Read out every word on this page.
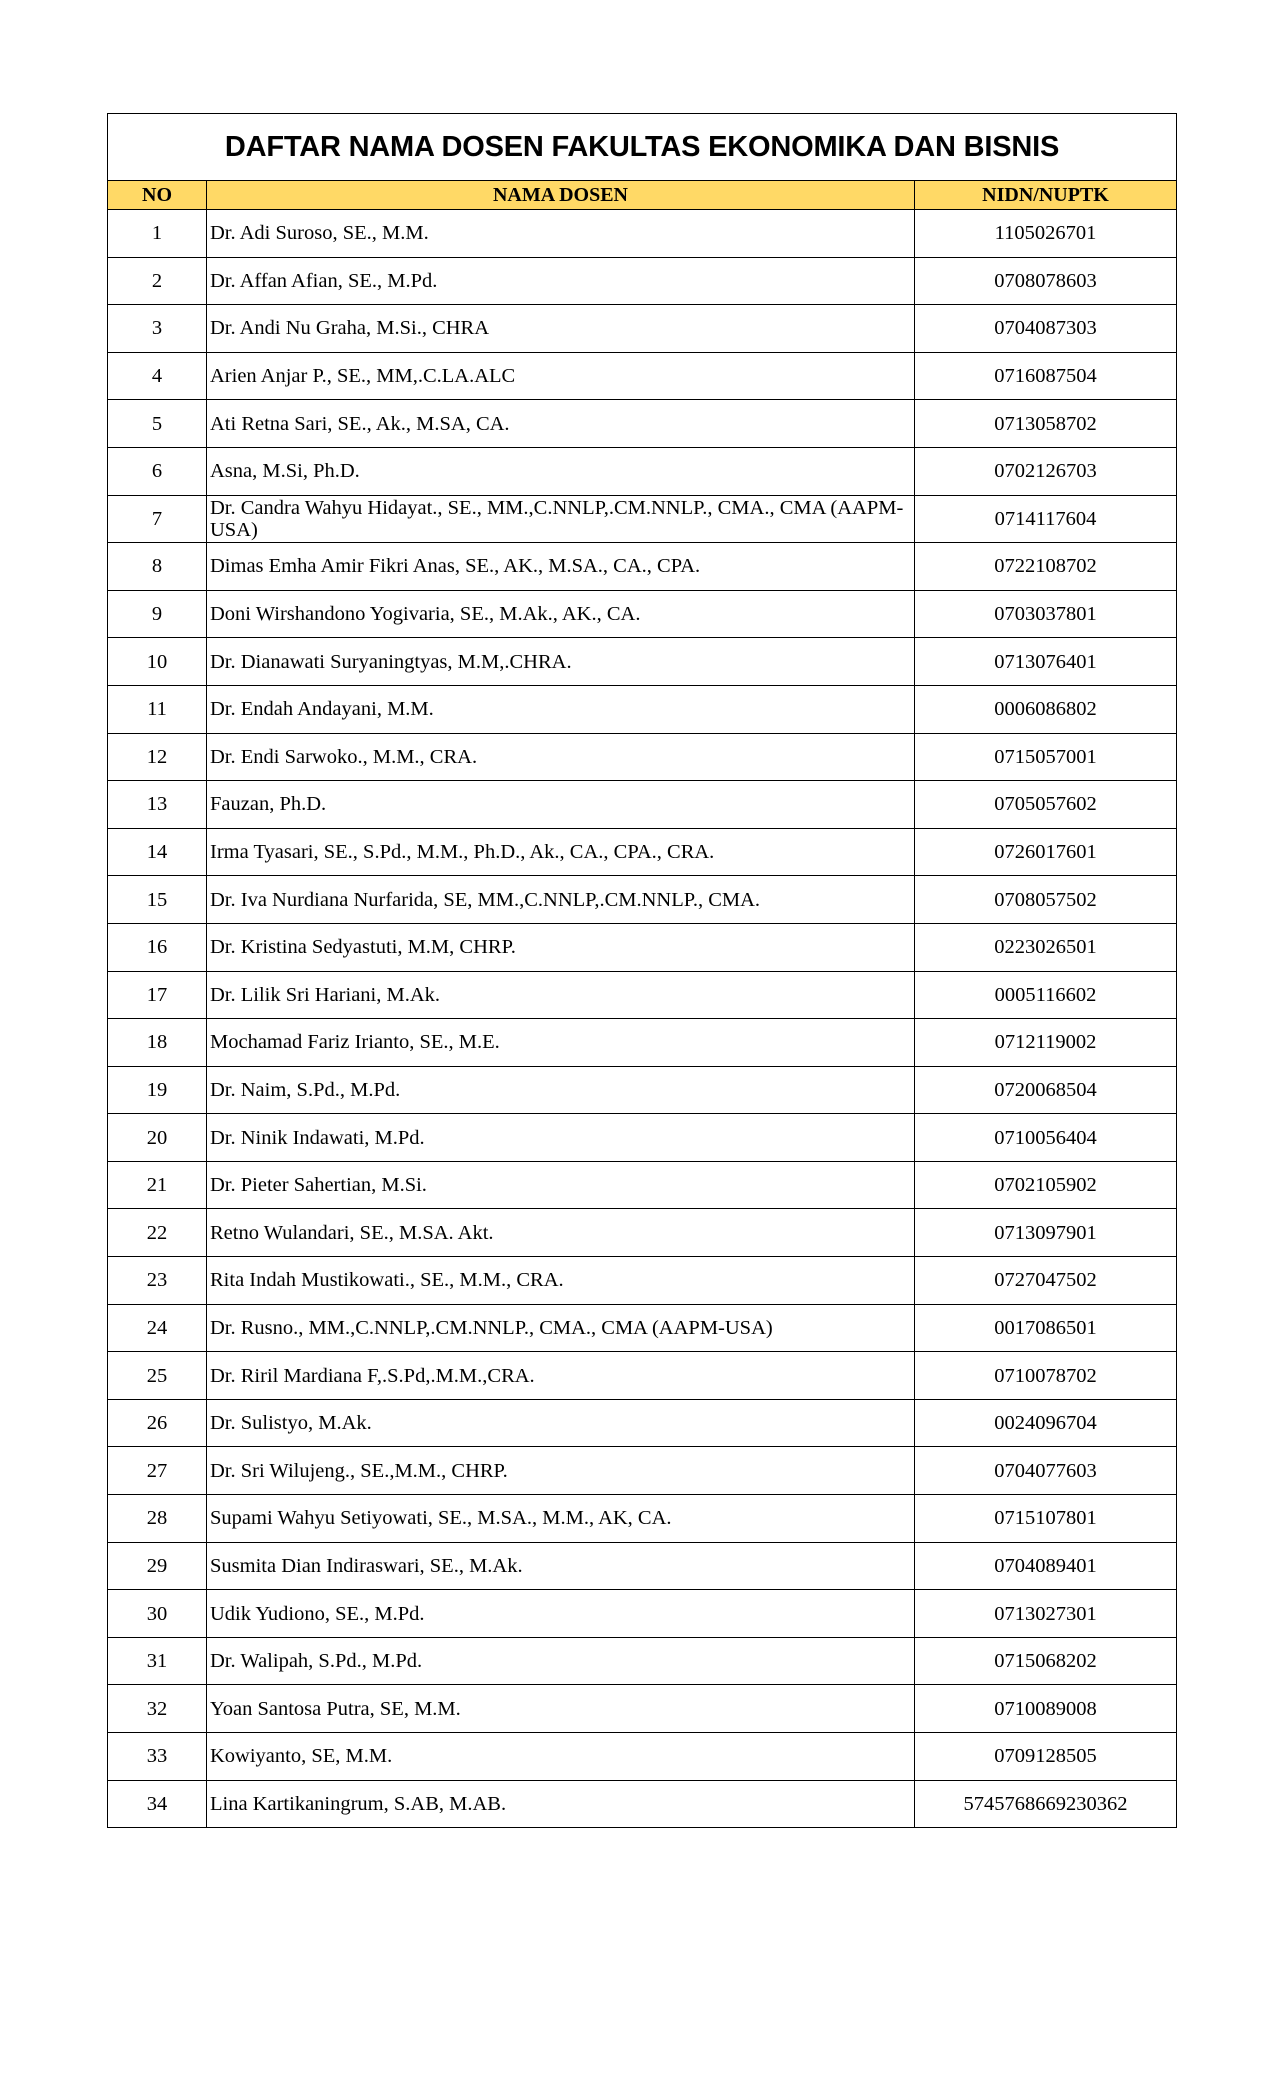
DAFTAR NAMA DOSEN FAKULTAS EKONOMIKA DAN BISNIS		
NO	NAMA DOSEN	NIDN/NUPTK
1	Dr. Adi Suroso, SE., M.M.	1105026701
2	Dr. Affan Afian, SE., M.Pd.	0708078603
3	Dr. Andi Nu Graha, M.Si., CHRA	0704087303
4	Arien Anjar P., SE., MM,.C.LA.ALC	0716087504
5	Ati Retna Sari, SE., Ak., M.SA, CA.	0713058702
6	Asna, M.Si, Ph.D.	0702126703
7	Dr. Candra Wahyu Hidayat., SE., MM.,C.NNLP,.CM.NNLP., CMA., CMA (AAPM-USA)	0714117604
8	Dimas Emha Amir Fikri Anas, SE., AK., M.SA., CA., CPA.	0722108702
9	Doni Wirshandono Yogivaria, SE., M.Ak., AK., CA.	0703037801
10	Dr. Dianawati Suryaningtyas, M.M,.CHRA.	0713076401
11	Dr. Endah Andayani, M.M.	0006086802
12	Dr. Endi Sarwoko., M.M., CRA.	0715057001
13	Fauzan, Ph.D.	0705057602
14	Irma Tyasari, SE., S.Pd., M.M., Ph.D., Ak., CA., CPA., CRA.	0726017601
15	Dr. Iva Nurdiana Nurfarida, SE, MM.,C.NNLP,.CM.NNLP., CMA.	0708057502
16	Dr. Kristina Sedyastuti, M.M, CHRP.	0223026501
17	Dr. Lilik Sri Hariani, M.Ak.	0005116602
18	Mochamad Fariz Irianto, SE., M.E.	0712119002
19	Dr. Naim, S.Pd., M.Pd.	0720068504
20	Dr. Ninik Indawati, M.Pd.	0710056404
21	Dr. Pieter Sahertian, M.Si.	0702105902
22	Retno Wulandari, SE., M.SA. Akt.	0713097901
23	Rita Indah Mustikowati., SE., M.M., CRA.	0727047502
24	Dr. Rusno., MM.,C.NNLP,.CM.NNLP., CMA., CMA (AAPM-USA)	0017086501
25	Dr. Riril Mardiana F,.S.Pd,.M.M.,CRA.	0710078702
26	Dr. Sulistyo, M.Ak.	0024096704
27	Dr. Sri Wilujeng., SE.,M.M., CHRP.	0704077603
28	Supami Wahyu Setiyowati, SE., M.SA., M.M., AK, CA.	0715107801
29	Susmita Dian Indiraswari, SE., M.Ak.	0704089401
30	Udik Yudiono, SE., M.Pd.	0713027301
31	Dr. Walipah, S.Pd., M.Pd.	0715068202
32	Yoan Santosa Putra, SE, M.M.	0710089008
33	Kowiyanto, SE, M.M.	0709128505
34	Lina Kartikaningrum, S.AB, M.AB.	5745768669230362
